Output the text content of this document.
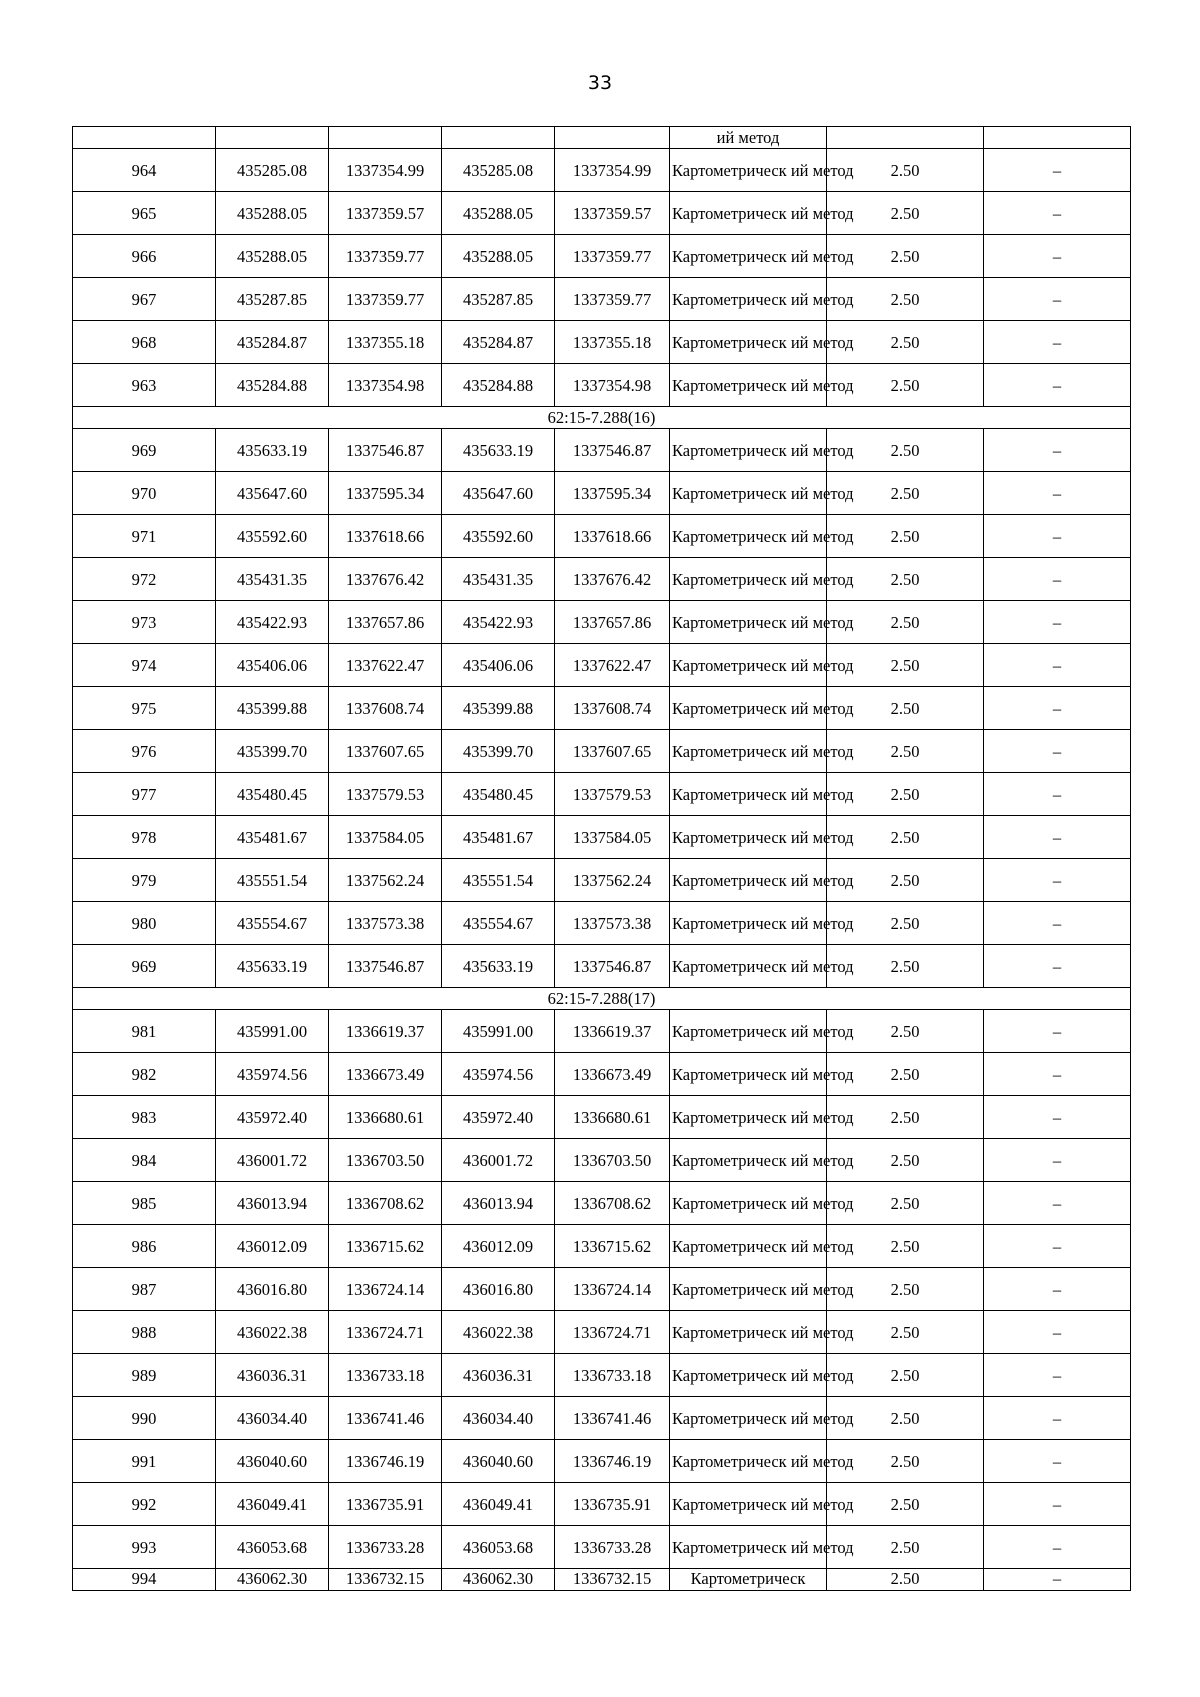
33
					ий метод		
964	435285.08	1337354.99	435285.08	1337354.99	Картометрическ ий метод	2.50	–
965	435288.05	1337359.57	435288.05	1337359.57	Картометрическ ий метод	2.50	–
966	435288.05	1337359.77	435288.05	1337359.77	Картометрическ ий метод	2.50	–
967	435287.85	1337359.77	435287.85	1337359.77	Картометрическ ий метод	2.50	–
968	435284.87	1337355.18	435284.87	1337355.18	Картометрическ ий метод	2.50	–
963	435284.88	1337354.98	435284.88	1337354.98	Картометрическ ий метод	2.50	–
62:15-7.288(16)							
969	435633.19	1337546.87	435633.19	1337546.87	Картометрическ ий метод	2.50	–
970	435647.60	1337595.34	435647.60	1337595.34	Картометрическ ий метод	2.50	–
971	435592.60	1337618.66	435592.60	1337618.66	Картометрическ ий метод	2.50	–
972	435431.35	1337676.42	435431.35	1337676.42	Картометрическ ий метод	2.50	–
973	435422.93	1337657.86	435422.93	1337657.86	Картометрическ ий метод	2.50	–
974	435406.06	1337622.47	435406.06	1337622.47	Картометрическ ий метод	2.50	–
975	435399.88	1337608.74	435399.88	1337608.74	Картометрическ ий метод	2.50	–
976	435399.70	1337607.65	435399.70	1337607.65	Картометрическ ий метод	2.50	–
977	435480.45	1337579.53	435480.45	1337579.53	Картометрическ ий метод	2.50	–
978	435481.67	1337584.05	435481.67	1337584.05	Картометрическ ий метод	2.50	–
979	435551.54	1337562.24	435551.54	1337562.24	Картометрическ ий метод	2.50	–
980	435554.67	1337573.38	435554.67	1337573.38	Картометрическ ий метод	2.50	–
969	435633.19	1337546.87	435633.19	1337546.87	Картометрическ ий метод	2.50	–
62:15-7.288(17)							
981	435991.00	1336619.37	435991.00	1336619.37	Картометрическ ий метод	2.50	–
982	435974.56	1336673.49	435974.56	1336673.49	Картометрическ ий метод	2.50	–
983	435972.40	1336680.61	435972.40	1336680.61	Картометрическ ий метод	2.50	–
984	436001.72	1336703.50	436001.72	1336703.50	Картометрическ ий метод	2.50	–
985	436013.94	1336708.62	436013.94	1336708.62	Картометрическ ий метод	2.50	–
986	436012.09	1336715.62	436012.09	1336715.62	Картометрическ ий метод	2.50	–
987	436016.80	1336724.14	436016.80	1336724.14	Картометрическ ий метод	2.50	–
988	436022.38	1336724.71	436022.38	1336724.71	Картометрическ ий метод	2.50	–
989	436036.31	1336733.18	436036.31	1336733.18	Картометрическ ий метод	2.50	–
990	436034.40	1336741.46	436034.40	1336741.46	Картометрическ ий метод	2.50	–
991	436040.60	1336746.19	436040.60	1336746.19	Картометрическ ий метод	2.50	–
992	436049.41	1336735.91	436049.41	1336735.91	Картометрическ ий метод	2.50	–
993	436053.68	1336733.28	436053.68	1336733.28	Картометрическ ий метод	2.50	–
994	436062.30	1336732.15	436062.30	1336732.15	Картометрическ	2.50	–
